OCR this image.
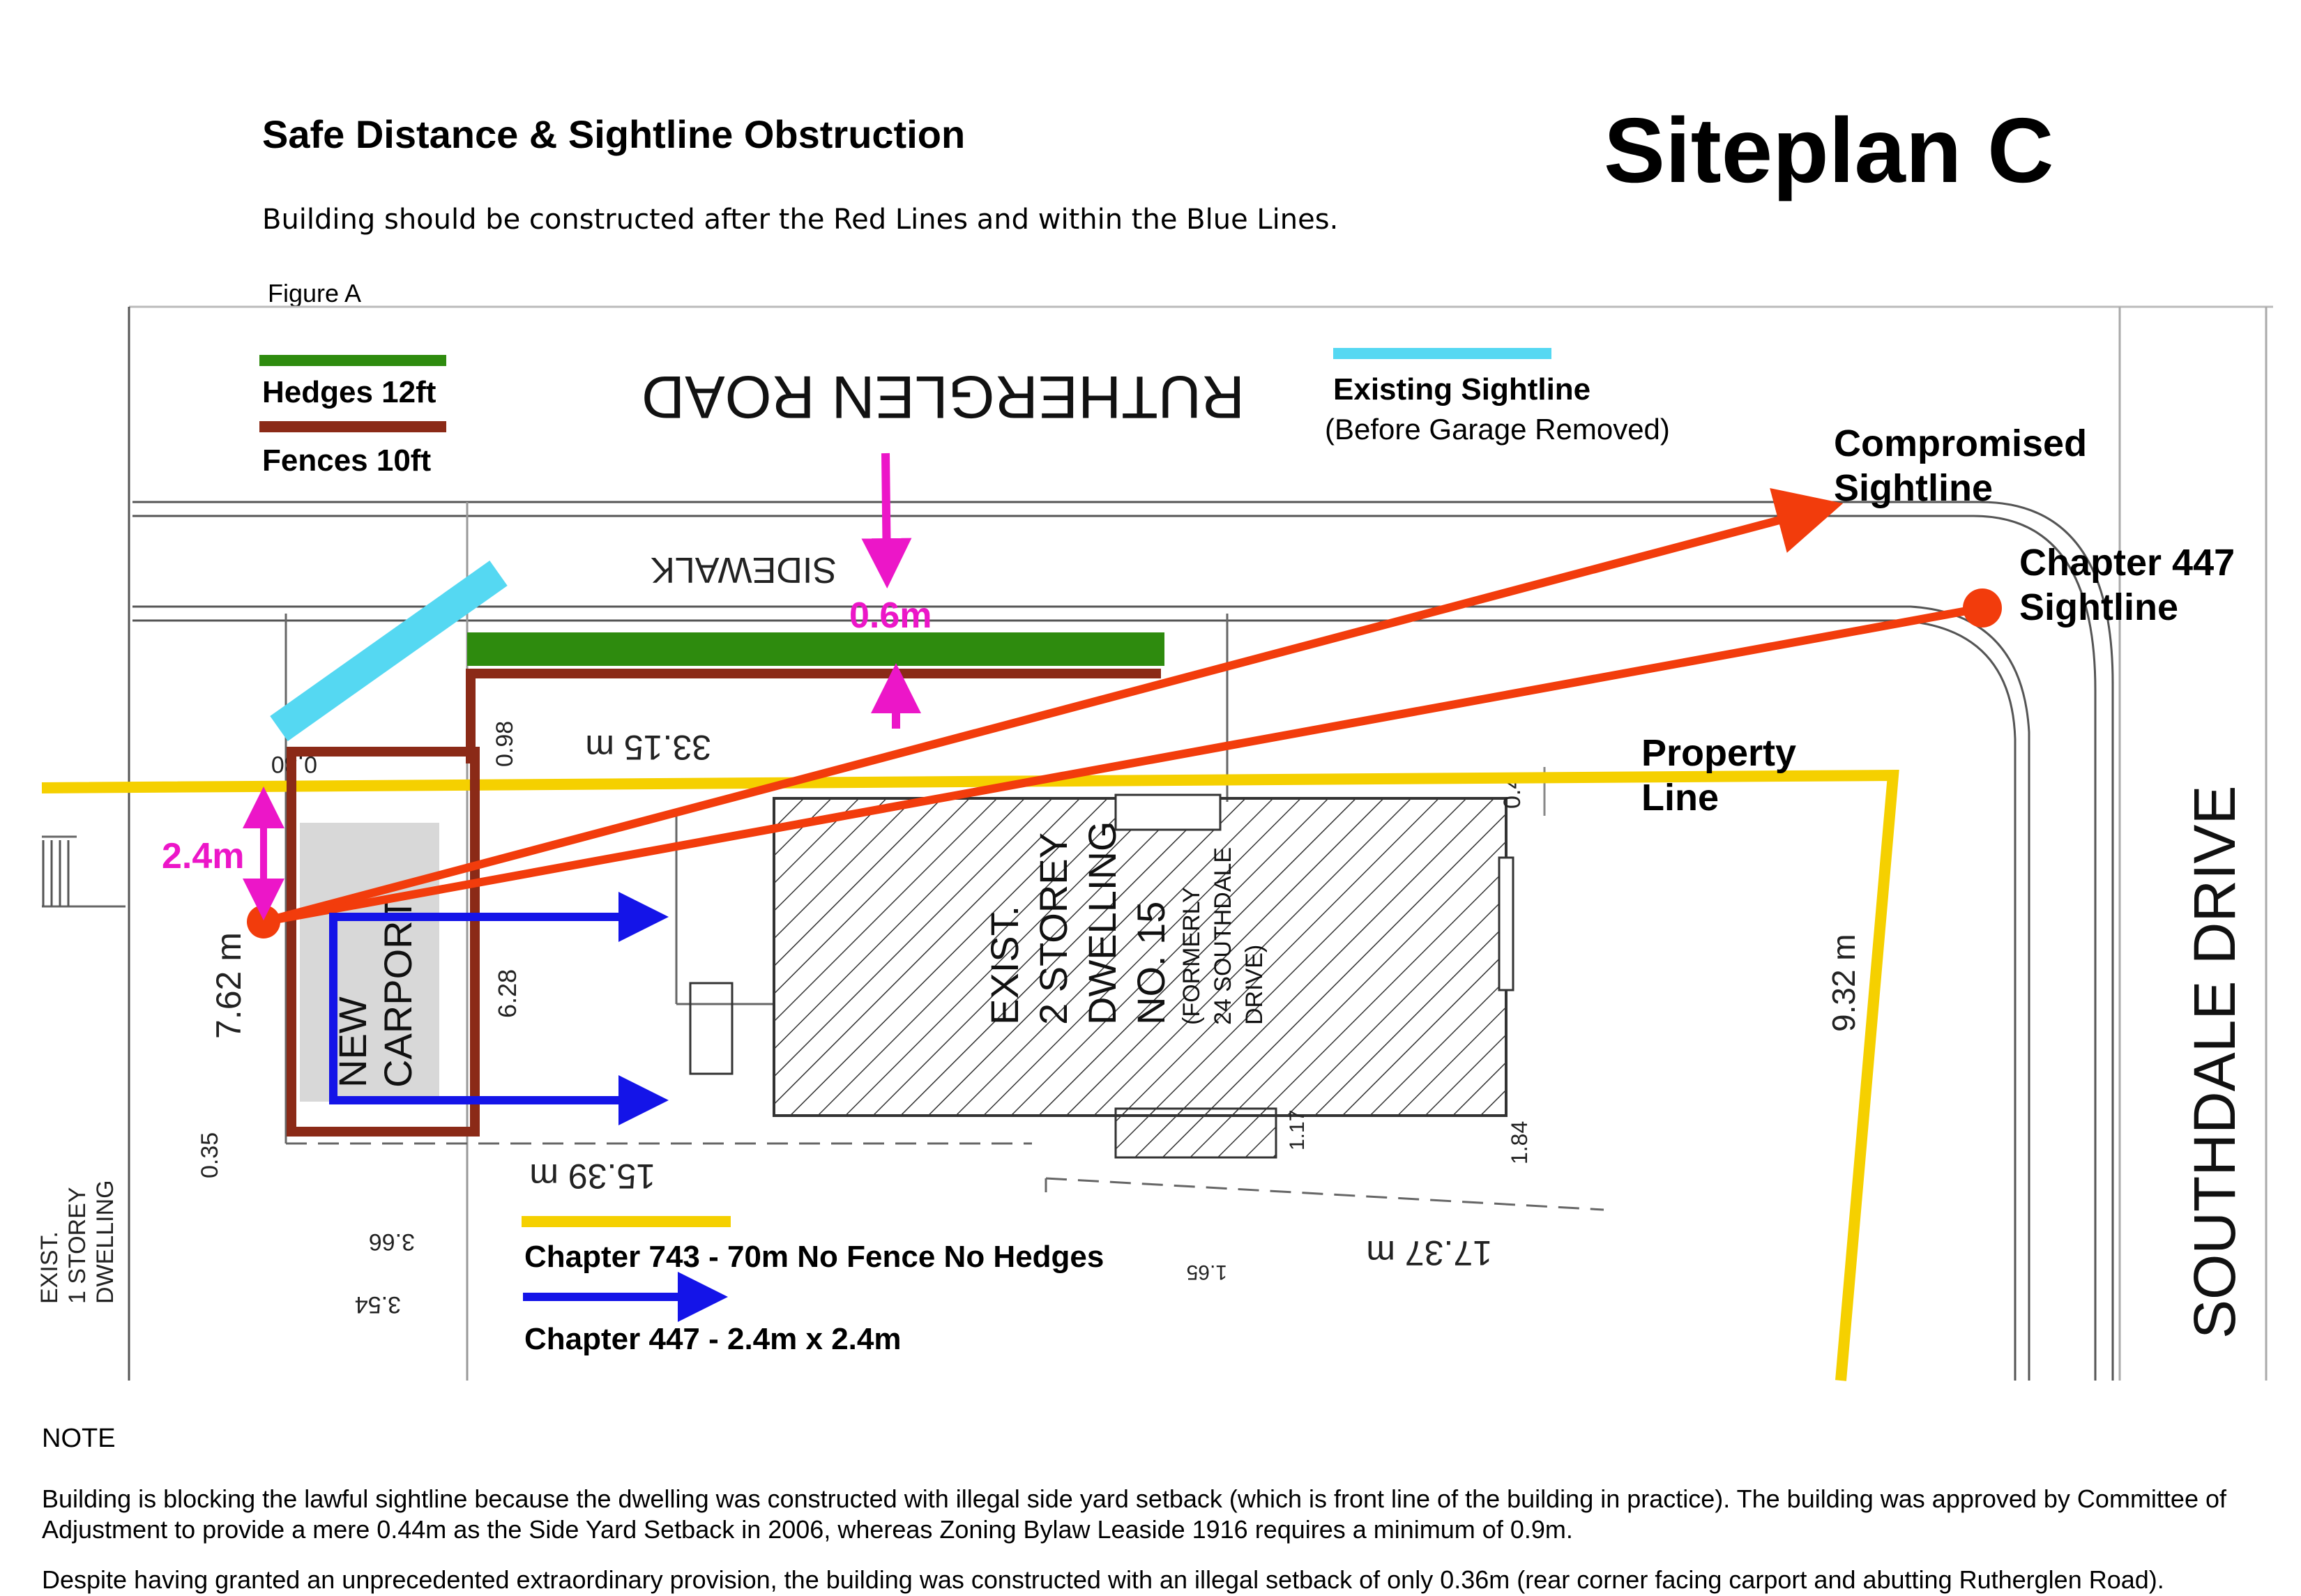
Safe Distance & Sightline Obstruction	Siteplan C
Building should be constructed after the Red Lines and within the Blue Lines.
Figure A
RUTHERGLEN ROAD
SIDEWALK
SOUTHDALE DRIVE
EXIST. 2 STOREY DWELLING NO. 15 (FORMERLY 24 SOUTHDALE DRIVE)
NEW CARPORT
EXIST. 1 STOREY DWELLING
33.15 m
15.39 m
17.37 m
7.62 m	9.32 m
6.28
0.98
0.30
0.35
3.66
3.54
1.65
1.84
1.17
0.4
0.6m
2.4m
Hedges 12ft
Fences 10ft
Existing Sightline
(Before Garage Removed)
Chapter 743 - 70m No Fence No Hedges
Chapter 447 - 2.4m x 2.4m
Compromised
Sightline
Chapter 447
Sightline
Property
Line
NOTE
Building is blocking the lawful sightline because the dwelling was constructed with illegal side yard setback (which is front line of the building in practice). The building was approved by Committee of Adjustment to provide a mere 0.44m as the Side Yard Setback in 2006, whereas Zoning Bylaw Leaside 1916 requires a minimum of 0.9m.
Despite having granted an unprecedented extraordinary provision, the building was constructed with an illegal setback of only 0.36m (rear corner facing carport and abutting Rutherglen Road).
